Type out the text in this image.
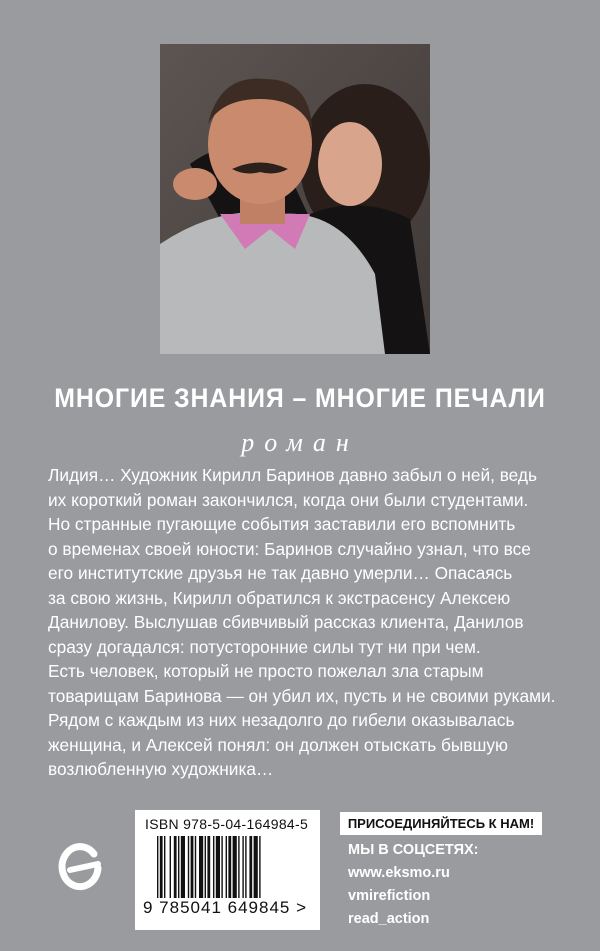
МНОГИЕ ЗНАНИЯ – МНОГИЕ ПЕЧАЛИ
роман
Лидия… Художник Кирилл Баринов давно забыл о ней, ведь
их короткий роман закончился, когда они были студентами.
Но странные пугающие события заставили его вспомнить
о временах своей юности: Баринов случайно узнал, что все
его институтские друзья не так давно умерли… Опасаясь
за свою жизнь, Кирилл обратился к экстрасенсу Алексею
Данилову. Выслушав сбивчивый рассказ клиента, Данилов
сразу догадался: потусторонние силы тут ни при чем.
Есть человек, который не просто пожелал зла старым
товарищам Баринова — он убил их, пусть и не своими руками.
Рядом с каждым из них незадолго до гибели оказывалась
женщина, и Алексей понял: он должен отыскать бывшую
возлюбленную художника…
ISBN 978-5-04-164984-5
9 785041 649845 >
ПРИСОЕДИНЯЙТЕСЬ К НАМ!
МЫ В СОЦСЕТЯХ:
www.eksmo.ru
vmirefiction
read_action
